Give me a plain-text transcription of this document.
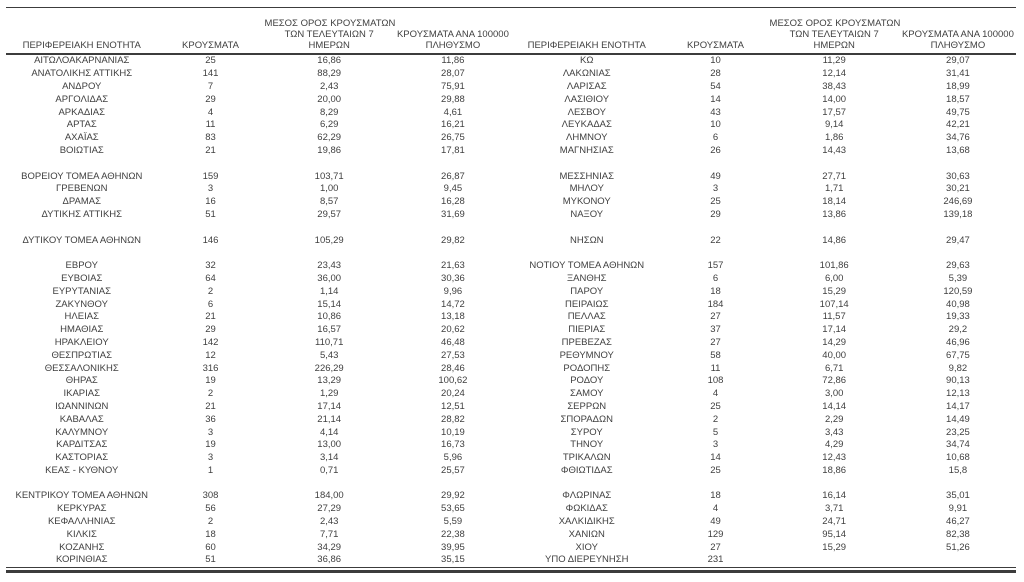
ΠΕΡΙΦΕΡΕΙΑΚΗ ΕΝΟΤΗΤΑ	ΚΡΟΥΣΜΑΤΑ	ΜΕΣΟΣ ΟΡΟΣ ΚΡΟΥΣΜΑΤΩΝ
ΤΩΝ ΤΕΛΕΥΤΑΙΩΝ 7
ΗΜΕΡΩΝ	ΚΡΟΥΣΜΑΤΑ ΑΝΑ 100000
ΠΛΗΘΥΣΜΟ

ΑΙΤΩΛΟΑΚΑΡΝΑΝΙΑΣ	25	16,86	11,86
ΑΝΑΤΟΛΙΚΗΣ ΑΤΤΙΚΗΣ	141	88,29	28,07
ΑΝΔΡΟΥ	7	2,43	75,91
ΑΡΓΟΛΙΔΑΣ	29	20,00	29,88
ΑΡΚΑΔΙΑΣ	4	8,29	4,61
ΑΡΤΑΣ	11	6,29	16,21
ΑΧΑΪΑΣ	83	62,29	26,75
ΒΟΙΩΤΙΑΣ	21	19,86	17,81

ΒΟΡΕΙΟΥ ΤΟΜΕΑ ΑΘΗΝΩΝ	159	103,71	26,87
ΓΡΕΒΕΝΩΝ	3	1,00	9,45
ΔΡΑΜΑΣ	16	8,57	16,28
ΔΥΤΙΚΗΣ ΑΤΤΙΚΗΣ	51	29,57	31,69

ΔΥΤΙΚΟΥ ΤΟΜΕΑ ΑΘΗΝΩΝ	146	105,29	29,82

ΕΒΡΟΥ	32	23,43	21,63
ΕΥΒΟΙΑΣ	64	36,00	30,36
ΕΥΡΥΤΑΝΙΑΣ	2	1,14	9,96
ΖΑΚΥΝΘΟΥ	6	15,14	14,72
ΗΛΕΙΑΣ	21	10,86	13,18
ΗΜΑΘΙΑΣ	29	16,57	20,62
ΗΡΑΚΛΕΙΟΥ	142	110,71	46,48
ΘΕΣΠΡΩΤΙΑΣ	12	5,43	27,53
ΘΕΣΣΑΛΟΝΙΚΗΣ	316	226,29	28,46
ΘΗΡΑΣ	19	13,29	100,62
ΙΚΑΡΙΑΣ	2	1,29	20,24
ΙΩΑΝΝΙΝΩΝ	21	17,14	12,51
ΚΑΒΑΛΑΣ	36	21,14	28,82
ΚΑΛΥΜΝΟΥ	3	4,14	10,19
ΚΑΡΔΙΤΣΑΣ	19	13,00	16,73
ΚΑΣΤΟΡΙΑΣ	3	3,14	5,96
ΚΕΑΣ - ΚΥΘΝΟΥ	1	0,71	25,57

ΚΕΝΤΡΙΚΟΥ ΤΟΜΕΑ ΑΘΗΝΩΝ	308	184,00	29,92
ΚΕΡΚΥΡΑΣ	56	27,29	53,65
ΚΕΦΑΛΛΗΝΙΑΣ	2	2,43	5,59
ΚΙΛΚΙΣ	18	7,71	22,38
ΚΟΖΑΝΗΣ	60	34,29	39,95
ΚΟΡΙΝΘΙΑΣ	51	36,86	35,15
ΠΕΡΙΦΕΡΕΙΑΚΗ ΕΝΟΤΗΤΑ	ΚΡΟΥΣΜΑΤΑ	ΜΕΣΟΣ ΟΡΟΣ ΚΡΟΥΣΜΑΤΩΝ
ΤΩΝ ΤΕΛΕΥΤΑΙΩΝ 7
ΗΜΕΡΩΝ	ΚΡΟΥΣΜΑΤΑ ΑΝΑ 100000
ΠΛΗΘΥΣΜΟ

ΚΩ	10	11,29	29,07
ΛΑΚΩΝΙΑΣ	28	12,14	31,41
ΛΑΡΙΣΑΣ	54	38,43	18,99
ΛΑΣΙΘΙΟΥ	14	14,00	18,57
ΛΕΣΒΟΥ	43	17,57	49,75
ΛΕΥΚΑΔΑΣ	10	9,14	42,21
ΛΗΜΝΟΥ	6	1,86	34,76
ΜΑΓΝΗΣΙΑΣ	26	14,43	13,68

ΜΕΣΣΗΝΙΑΣ	49	27,71	30,63
ΜΗΛΟΥ	3	1,71	30,21
ΜΥΚΟΝΟΥ	25	18,14	246,69
ΝΑΞΟΥ	29	13,86	139,18

ΝΗΣΩΝ	22	14,86	29,47

ΝΟΤΙΟΥ ΤΟΜΕΑ ΑΘΗΝΩΝ	157	101,86	29,63
ΞΑΝΘΗΣ	6	6,00	5,39
ΠΑΡΟΥ	18	15,29	120,59
ΠΕΙΡΑΙΩΣ	184	107,14	40,98
ΠΕΛΛΑΣ	27	11,57	19,33
ΠΙΕΡΙΑΣ	37	17,14	29,2
ΠΡΕΒΕΖΑΣ	27	14,29	46,96
ΡΕΘΥΜΝΟΥ	58	40,00	67,75
ΡΟΔΟΠΗΣ	11	6,71	9,82
ΡΟΔΟΥ	108	72,86	90,13
ΣΑΜΟΥ	4	3,00	12,13
ΣΕΡΡΩΝ	25	14,14	14,17
ΣΠΟΡΑΔΩΝ	2	2,29	14,49
ΣΥΡΟΥ	5	3,43	23,25
ΤΗΝΟΥ	3	4,29	34,74
ΤΡΙΚΑΛΩΝ	14	12,43	10,68
ΦΘΙΩΤΙΔΑΣ	25	18,86	15,8

ΦΛΩΡΙΝΑΣ	18	16,14	35,01
ΦΩΚΙΔΑΣ	4	3,71	9,91
ΧΑΛΚΙΔΙΚΗΣ	49	24,71	46,27
ΧΑΝΙΩΝ	129	95,14	82,38
ΧΙΟΥ	27	15,29	51,26
ΥΠΟ ΔΙΕΡΕΥΝΗΣΗ	231		
